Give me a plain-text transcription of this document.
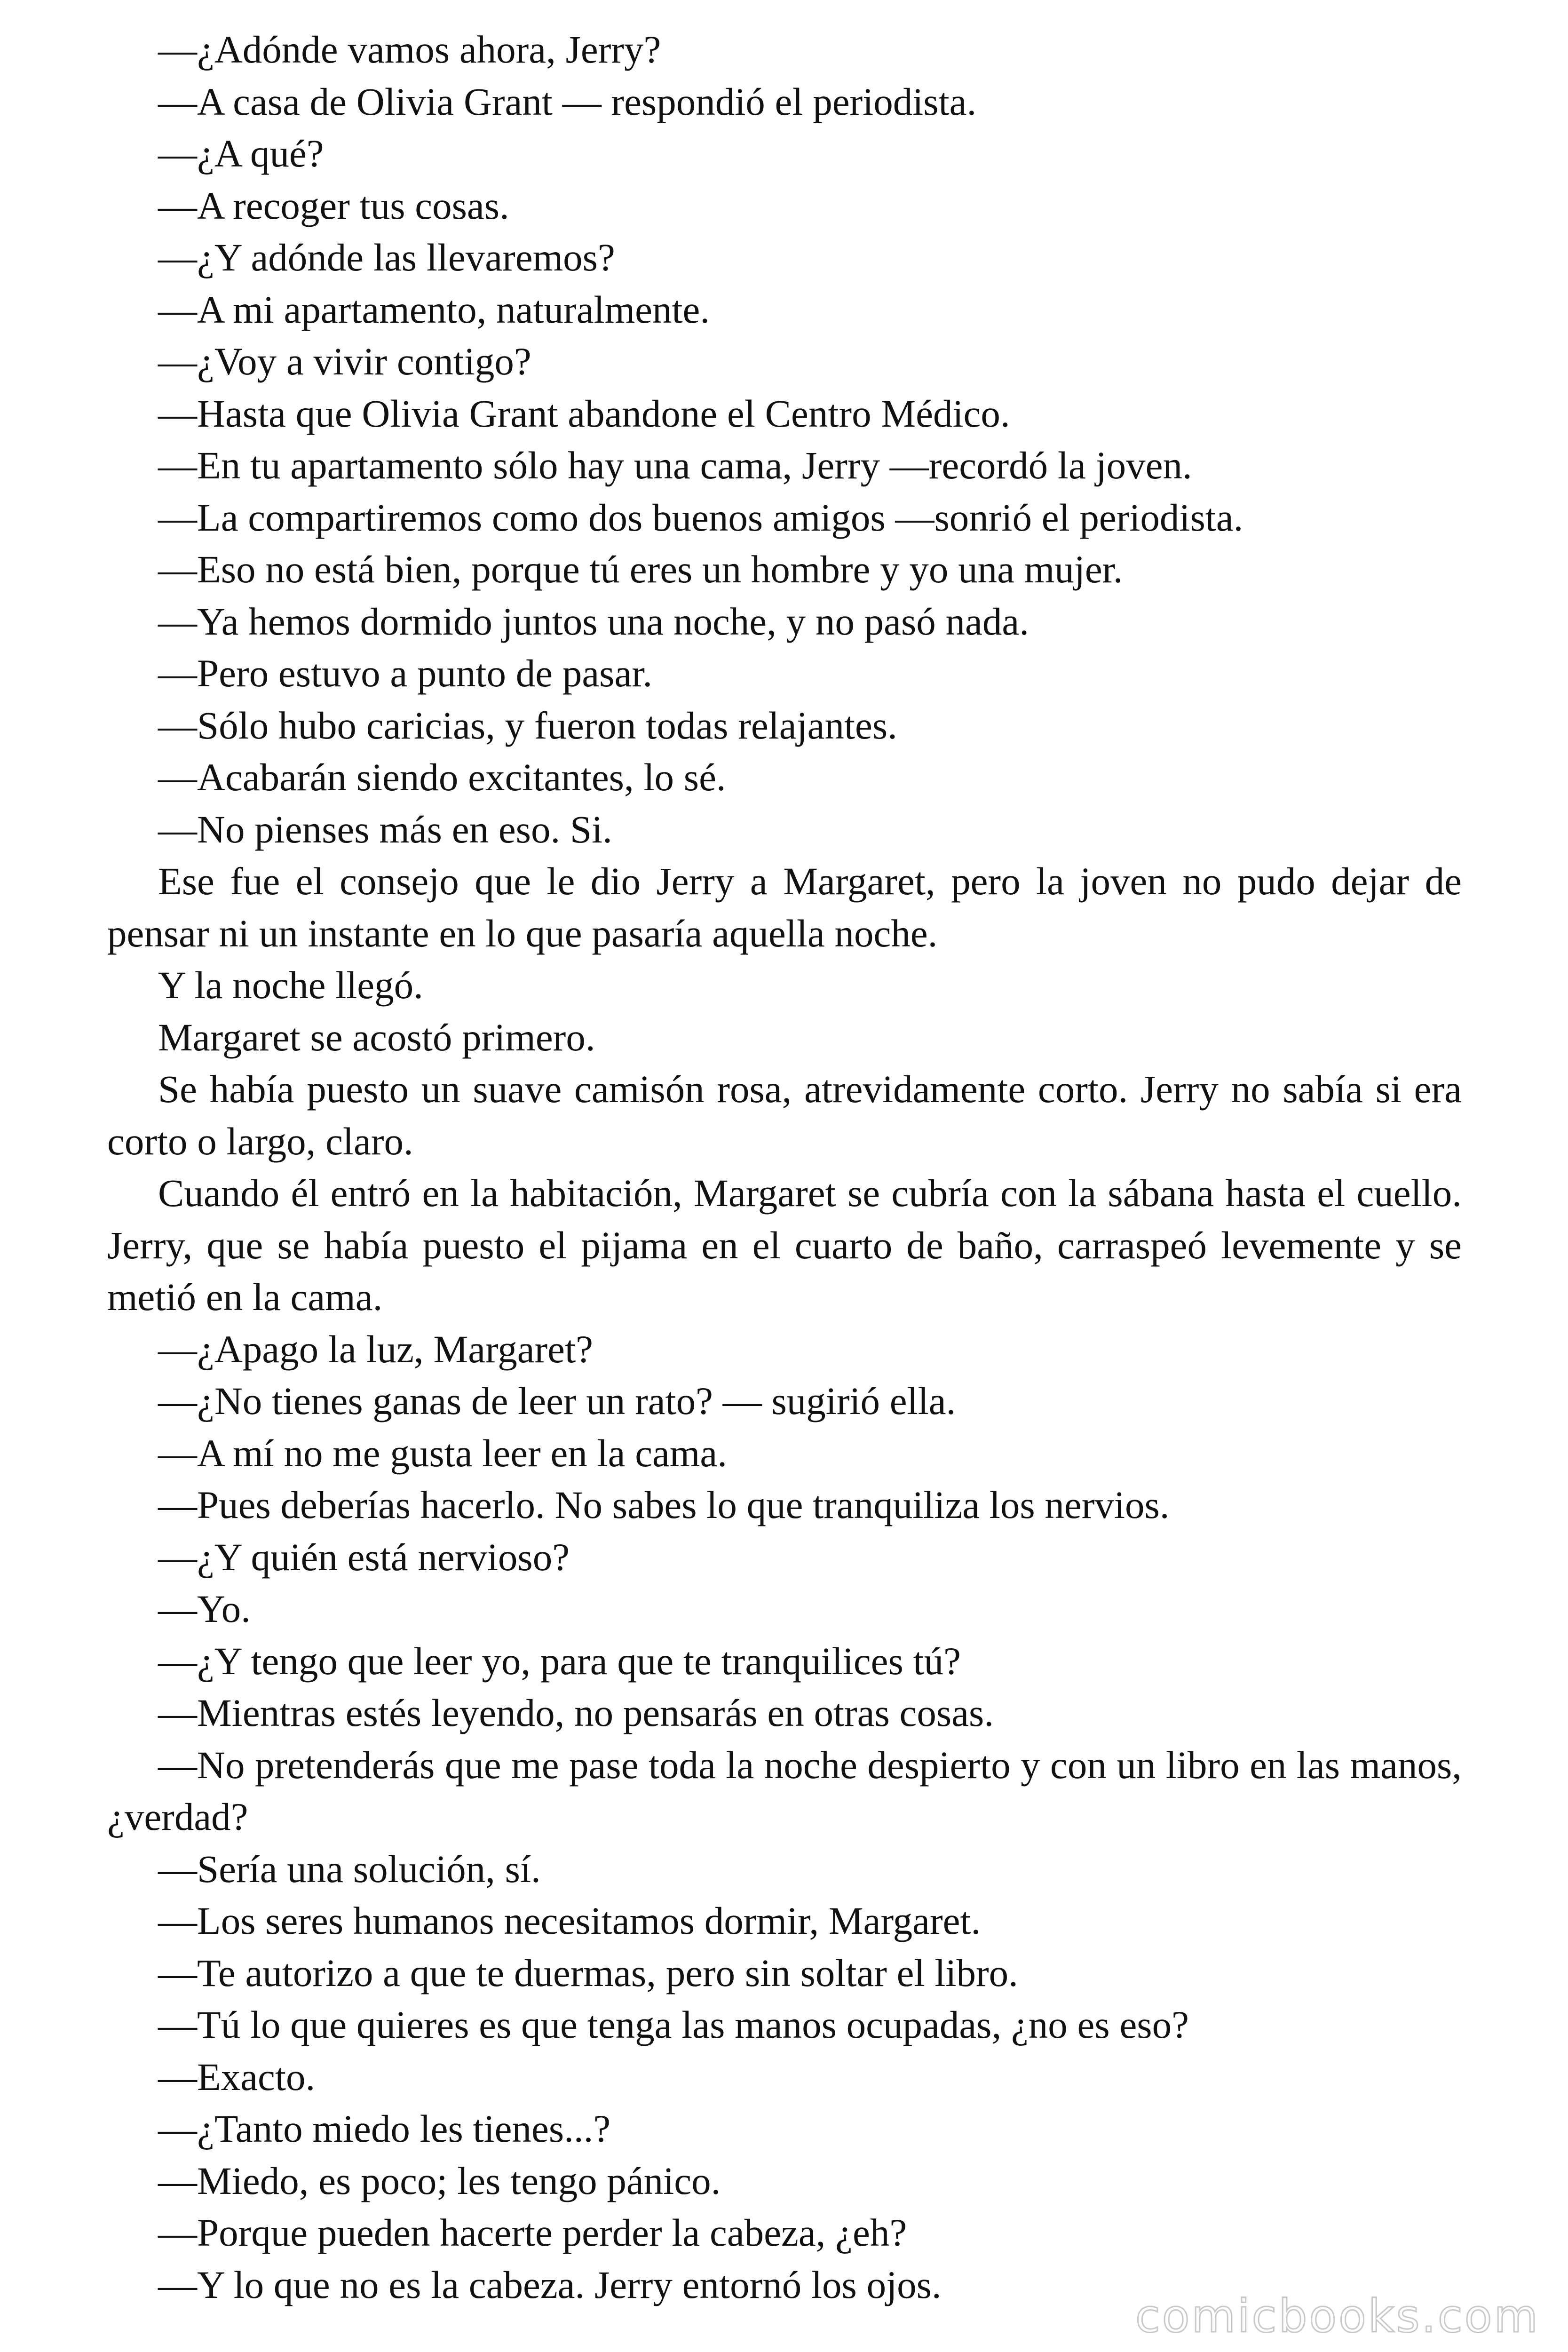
—¿Adónde vamos ahora, Jerry?

—A casa de Olivia Grant — respondió el periodista.

—¿A qué?

—A recoger tus cosas.

—¿Y adónde las llevaremos?

—A mi apartamento, naturalmente.

—¿Voy a vivir contigo?

—Hasta que Olivia Grant abandone el Centro Médico.

—En tu apartamento sólo hay una cama, Jerry —recordó la joven.

—La compartiremos como dos buenos amigos —sonrió el periodista.

—Eso no está bien, porque tú eres un hombre y yo una mujer.

—Ya hemos dormido juntos una noche, y no pasó nada.

—Pero estuvo a punto de pasar.

—Sólo hubo caricias, y fueron todas relajantes.

—Acabarán siendo excitantes, lo sé.

—No pienses más en eso. Si.

Ese fue el consejo que le dio Jerry a Margaret, pero la joven no pudo dejar de pensar ni un instante en lo que pasaría aquella noche.

Y la noche llegó.

Margaret se acostó primero.

Se había puesto un suave camisón rosa, atrevidamente corto. Jerry no sabía si era corto o largo, claro.

Cuando él entró en la habitación, Margaret se cubría con la sábana hasta el cuello. Jerry, que se había puesto el pijama en el cuarto de baño, carraspeó levemente y se metió en la cama.

—¿Apago la luz, Margaret?

—¿No tienes ganas de leer un rato? — sugirió ella.

—A mí no me gusta leer en la cama.

—Pues deberías hacerlo. No sabes lo que tranquiliza los nervios.

—¿Y quién está nervioso?

—Yo.

—¿Y tengo que leer yo, para que te tranquilices tú?

—Mientras estés leyendo, no pensarás en otras cosas.

—No pretenderás que me pase toda la noche despierto y con un libro en las manos, ¿verdad?

—Sería una solución, sí.

—Los seres humanos necesitamos dormir, Margaret.

—Te autorizo a que te duermas, pero sin soltar el libro.

—Tú lo que quieres es que tenga las manos ocupadas, ¿no es eso?

—Exacto.

—¿Tanto miedo les tienes...?

—Miedo, es poco; les tengo pánico.

—Porque pueden hacerte perder la cabeza, ¿eh?

—Y lo que no es la cabeza. Jerry entornó los ojos.

comicbooks.com
